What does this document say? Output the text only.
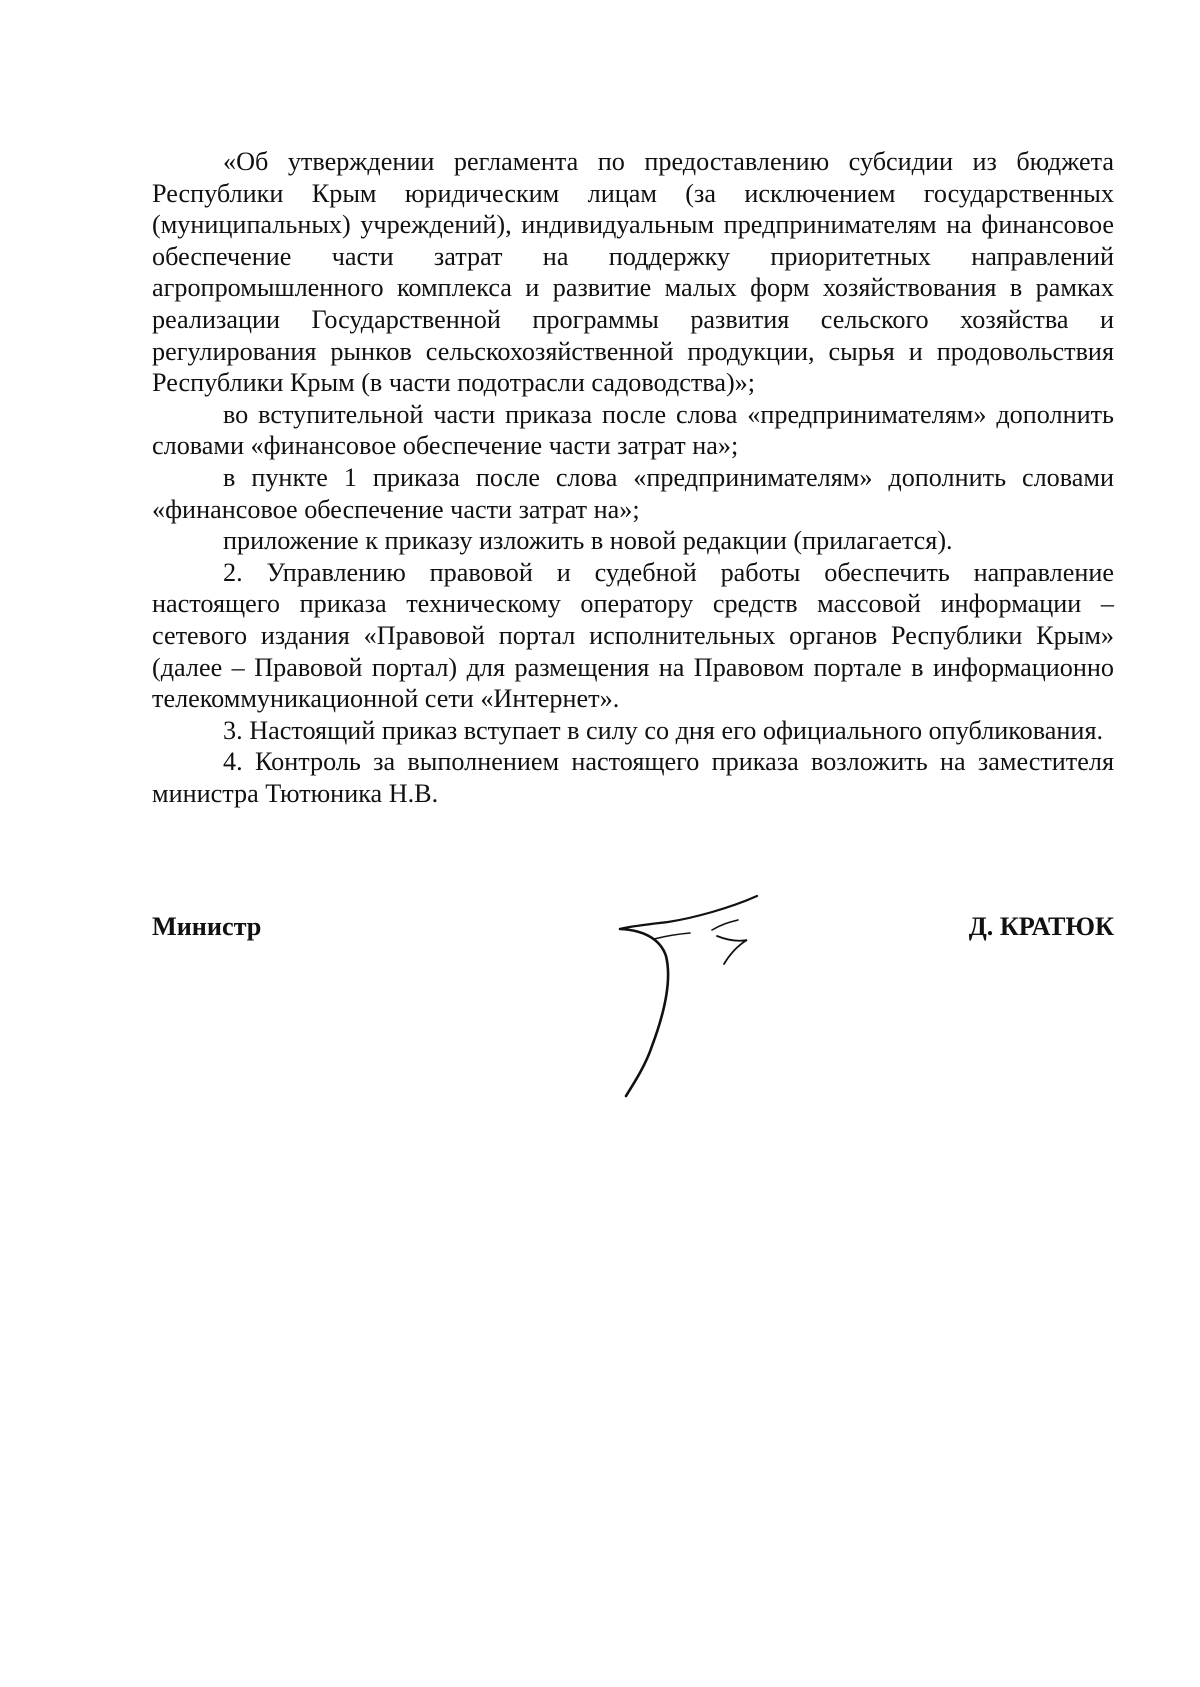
«Об утверждении регламента по предоставлению субсидии из бюджета Республики Крым юридическим лицам (за исключением государственных (муниципальных) учреждений), индивидуальным предпринимателям на финансовое обеспечение части затрат на поддержку приоритетных направлений агропромышленного комплекса и развитие малых форм хозяйствования в рамках реализации Государственной программы развития сельского хозяйства и регулирования рынков сельскохозяйственной продукции, сырья и продовольствия Республики Крым (в части подотрасли садоводства)»;

во вступительной части приказа после слова «предпринимателям» дополнить словами «финансовое обеспечение части затрат на»;

в пункте 1 приказа после слова «предпринимателям» дополнить словами «финансовое обеспечение части затрат на»;

приложение к приказу изложить в новой редакции (прилагается).

2. Управлению правовой и судебной работы обеспечить направление настоящего приказа техническому оператору средств массовой информации – сетевого издания «Правовой портал исполнительных органов Республики Крым» (далее – Правовой портал) для размещения на Правовом портале в информационно телекоммуникационной сети «Интернет».

3. Настоящий приказ вступает в силу со дня его официального опубликования.

4. Контроль за выполнением настоящего приказа возложить на заместителя министра Тютюника Н.В.

Министр	Д. КРАТЮК
